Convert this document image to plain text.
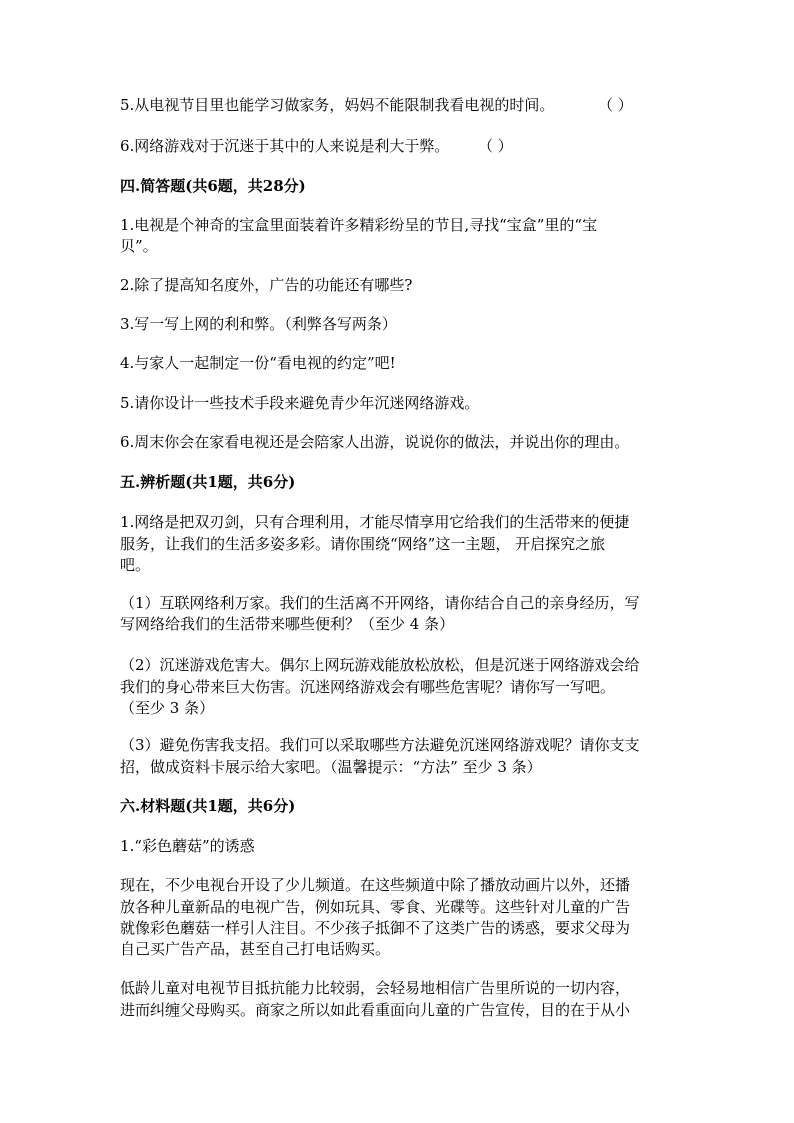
5.从电视节目里也能学习做家务，妈妈不能限制我看电视的时间。	（ ）
6.网络游戏对于沉迷于其中的人来说是利大于弊。 （ ）
四.简答题(共6题，共28分)
1.电视是个神奇的宝盒里面装着许多精彩纷呈的节目,寻找“宝盒”里的“宝
贝”。
2.除了提高知名度外，广告的功能还有哪些?
3.写一写上网的利和弊。（利弊各写两条）
4.与家人一起制定一份“看电视的约定”吧!
5.请你设计一些技术手段来避免青少年沉迷网络游戏。
6.周末你会在家看电视还是会陪家人出游，说说你的做法，并说出你的理由。
五.辨析题(共1题，共6分)
1.网络是把双刃剑，只有合理利用，才能尽情享用它给我们的生活带来的便捷
服务，让我们的生活多姿多彩。请你围绕“网络”这一主题， 开启探究之旅
吧。
（1）互联网络利万家。我们的生活离不开网络，请你结合自己的亲身经历，写
写网络给我们的生活带来哪些便利？（至少 4 条）
（2）沉迷游戏危害大。偶尔上网玩游戏能放松放松，但是沉迷于网络游戏会给
我们的身心带来巨大伤害。沉迷网络游戏会有哪些危害呢？请你写一写吧。
（至少 3 条）
（3）避免伤害我支招。我们可以采取哪些方法避免沉迷网络游戏呢？请你支支
招，做成资料卡展示给大家吧。（温馨提示：“方法” 至少 3 条）
六.材料题(共1题，共6分)
1.“彩色蘑菇”的诱惑
现在，不少电视台开设了少儿频道。在这些频道中除了播放动画片以外，还播
放各种儿童新品的电视广告，例如玩具、零食、光碟等。这些针对儿童的广告
就像彩色蘑菇一样引人注目。不少孩子抵御不了这类广告的诱惑，要求父母为
自己买广告产品，甚至自己打电话购买。
低龄儿童对电视节目抵抗能力比较弱，会轻易地相信广告里所说的一切内容，
进而纠缠父母购买。商家之所以如此看重面向儿童的广告宣传，目的在于从小
